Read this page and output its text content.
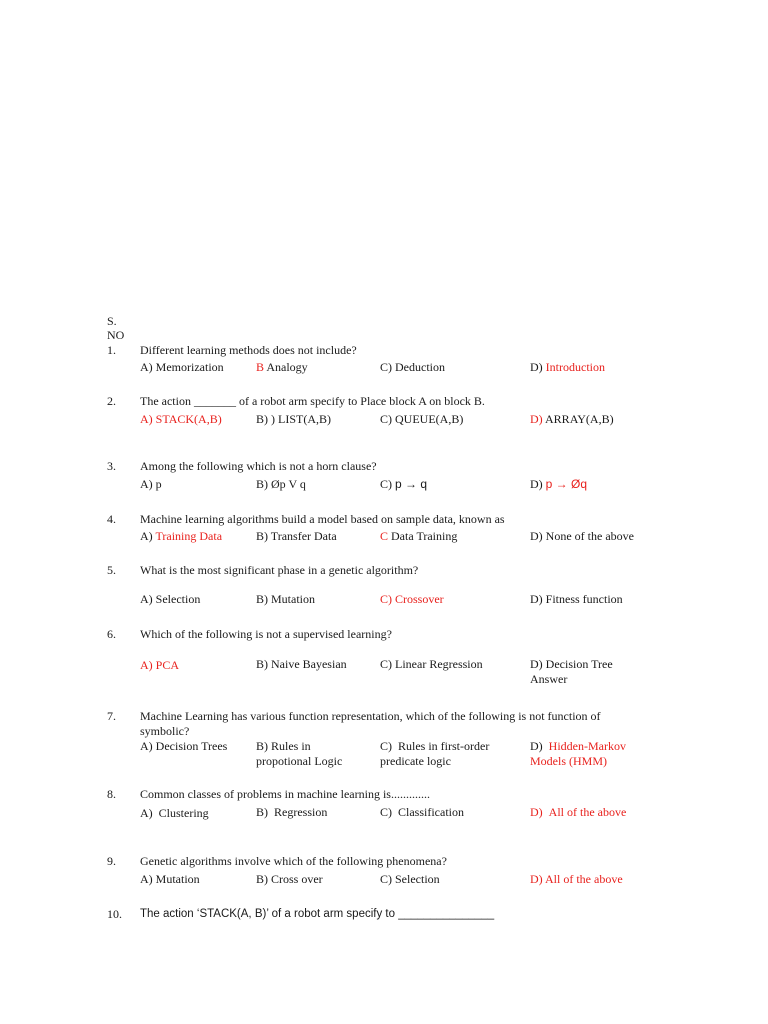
S.
NO
1. Different learning methods does not include?
A) Memorization	B Analogy	C) Deduction	D) Introduction
2. The action _______ of a robot arm specify to Place block A on block B.
A) STACK(A,B)	B) ) LIST(A,B)	C) QUEUE(A,B)	D) ARRAY(A,B)
3. Among the following which is not a horn clause?
A) p	B) Øp V q	C) p → q	D) p → Øq
4. Machine learning algorithms build a model based on sample data, known as
A) Training Data	B) Transfer Data	C Data Training	D) None of the above
5. What is the most significant phase in a genetic algorithm?
A) Selection	B) Mutation	C) Crossover	D) Fitness function
6. Which of the following is not a supervised learning?
A) PCA	B) Naive Bayesian	C) Linear Regression	D) Decision Tree
Answer
7. Machine Learning has various function representation, which of the following is not function of symbolic?
A) Decision Trees B) Rules in
propotional Logic
C) Rules in first-order
predicate logic
D) Hidden-Markov
Models (HMM)
8. Common classes of problems in machine learning is.............
A) Clustering	B) Regression	C) Classification	D) All of the above
9. Genetic algorithms involve which of the following phenomena?
A) Mutation	B) Cross over	C) Selection	D) All of the above
10. The action ‘STACK(A, B)’ of a robot arm specify to _______________
